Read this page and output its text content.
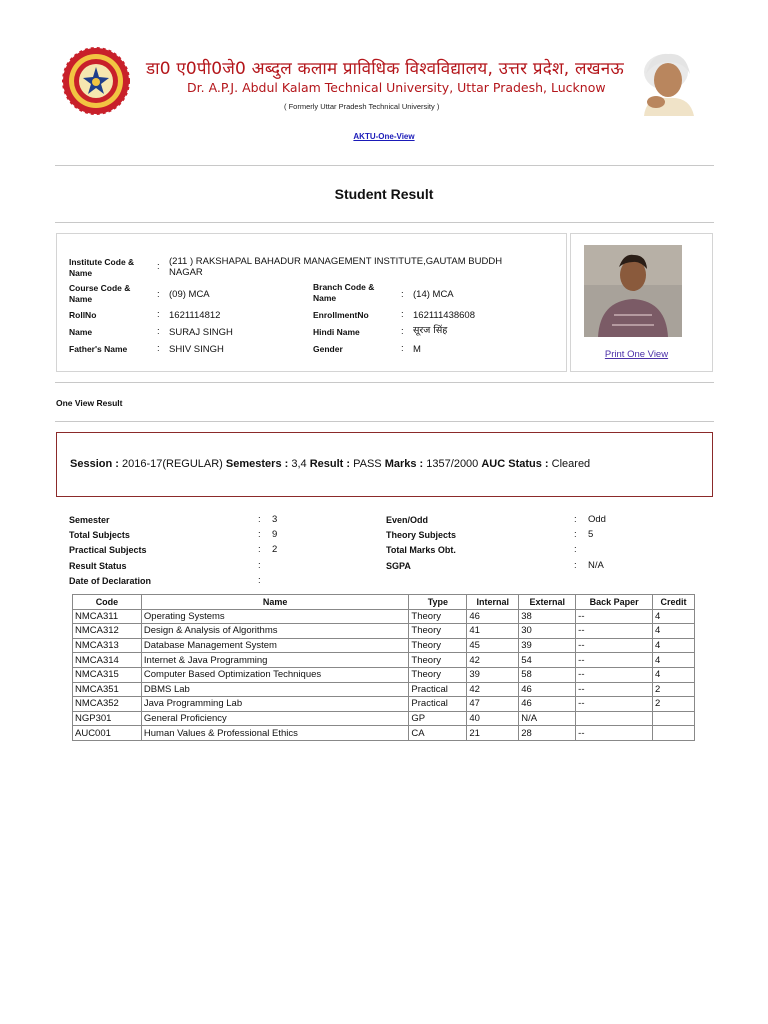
डा0 ए0पी0जे0 अब्दुल कलाम प्राविधिक विश्वविद्यालय, उत्तर प्रदेश, लखनऊ
Dr. A.P.J. Abdul Kalam Technical University, Uttar Pradesh, Lucknow
( Formerly Uttar Pradesh Technical University )
AKTU-One-View
Student Result
Institute Code & Name
: (211 ) RAKSHAPAL BAHADUR MANAGEMENT INSTITUTE,GAUTAM BUDDH NAGAR
Course Code & Name	: (09) MCA
Branch Code & Name	: (14) MCA
RollNo	: 1621114812	EnrollmentNo	: 162111438608
Name	: SURAJ SINGH	Hindi Name	: सूरज सिंह
Father's Name	: SHIV SINGH	Gender	: M	Print One View
One View Result
Session : 2016-17(REGULAR) Semesters : 3,4 Result : PASS Marks : 1357/2000 AUC Status : Cleared
Semester	: 3	Even/Odd	: Odd
Total Subjects	: 9	Theory Subjects	: 5
Practical Subjects	: 2	Total Marks Obt.	:
Result Status	:	SGPA	: N/A
Date of Declaration	:
Code	Name	Type	Internal	External	Back Paper	Credit
NMCA311	Operating Systems	Theory	46	38	--	4
NMCA312	Design & Analysis of Algorithms	Theory	41	30	--	4
NMCA313	Database Management System	Theory	45	39	--	4
NMCA314	Internet & Java Programming	Theory	42	54	--	4
NMCA315	Computer Based Optimization Techniques	Theory	39	58	--	4
NMCA351	DBMS Lab	Practical	42	46	--	2
NMCA352	Java Programming Lab	Practical	47	46	--	2
NGP301	General Proficiency	GP	40	N/A		
AUC001	Human Values & Professional Ethics	CA	21	28	--	
